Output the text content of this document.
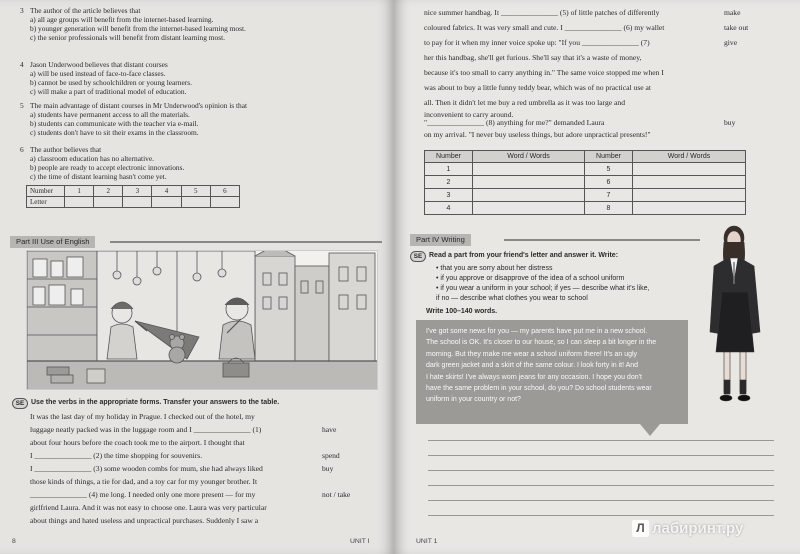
3 The author of the article believes that
a) all age groups will benefit from the internet-based learning.
b) younger generation will benefit from the internet-based learning most.
c) the senior professionals will benefit from distant learning most.
4 Jason Underwood believes that distant courses
a) will be used instead of face-to-face classes.
b) cannot be used by schoolchildren or young learners.
c) will make a part of traditional model of education.
5 The main advantage of distant courses in Mr Underwood's opinion is that
a) students have permanent access to all the materials.
b) students can communicate with the teacher via e-mail.
c) students don't have to sit their exams in the classroom.
6 The author believes that
a) classroom education has no alternative.
b) people are ready to accept electronic innovations.
c) the time of distant learning hasn't come yet.
Number	1	2	3	4	5	6
Letter						
Part III Use of English
SE Use the verbs in the appropriate forms. Transfer your answers to the table.
It was the last day of my holiday in Prague. I checked out of the hotel, my
luggage neatly packed was in the luggage room and I _______________ (1)
about four hours before the coach took me to the airport. I thought that
I _______________ (2) the time shopping for souvenirs.
I _______________ (3) some wooden combs for mum, she had always liked
those kinds of things, a tie for dad, and a toy car for my younger brother. It
_______________ (4) me long. I needed only one more present — for my
girlfriend Laura. And it was not easy to choose one. Laura was very particular
about things and hated useless and unpractical purchases. Suddenly I saw a
have
spend
buy
not / take
8	UNIT I
nice summer handbag. It _______________ (5) of little patches of differently
coloured fabrics. It was very small and cute. I _______________ (6) my wallet
to pay for it when my inner voice spoke up: "If you _______________ (7)
her this handbag, she'll get furious. She'll say that it's a waste of money,
because it's too small to carry anything in." The same voice stopped me when I
was about to buy a little funny teddy bear, which was of no practical use at
all. Then it didn't let me buy a red umbrella as it was too large and
inconvenient to carry around.
"_______________ (8) anything for me?" demanded Laura
on my arrival. "I never buy useless things, but adore unpractical presents!"
make
take out
give
buy
Number	Word / Words	Number	Word / Words
1		5	
2		6	
3		7	
4		8	
Part IV Writing
SE Read a part from your friend's letter and answer it. Write:
• that you are sorry about her distress
• if you approve or disapprove of the idea of a school uniform
• if you wear a uniform in your school; if yes — describe what it's like,
if no — describe what clothes you wear to school
Write 100–140 words.
I've got some news for you — my parents have put me in a new school.
The school is OK. It's closer to our house, so I can sleep a bit longer in the
morning. But they make me wear a school uniform there! It's an ugly
dark green jacket and a skirt of the same colour. I look forty in it! And
I hate skirts! I've always worn jeans for any occasion. I hope you don't
have the same problem in your school, do you? Do school students wear
uniform in your country or not?
UNIT 1
Л лабиринт.ру
